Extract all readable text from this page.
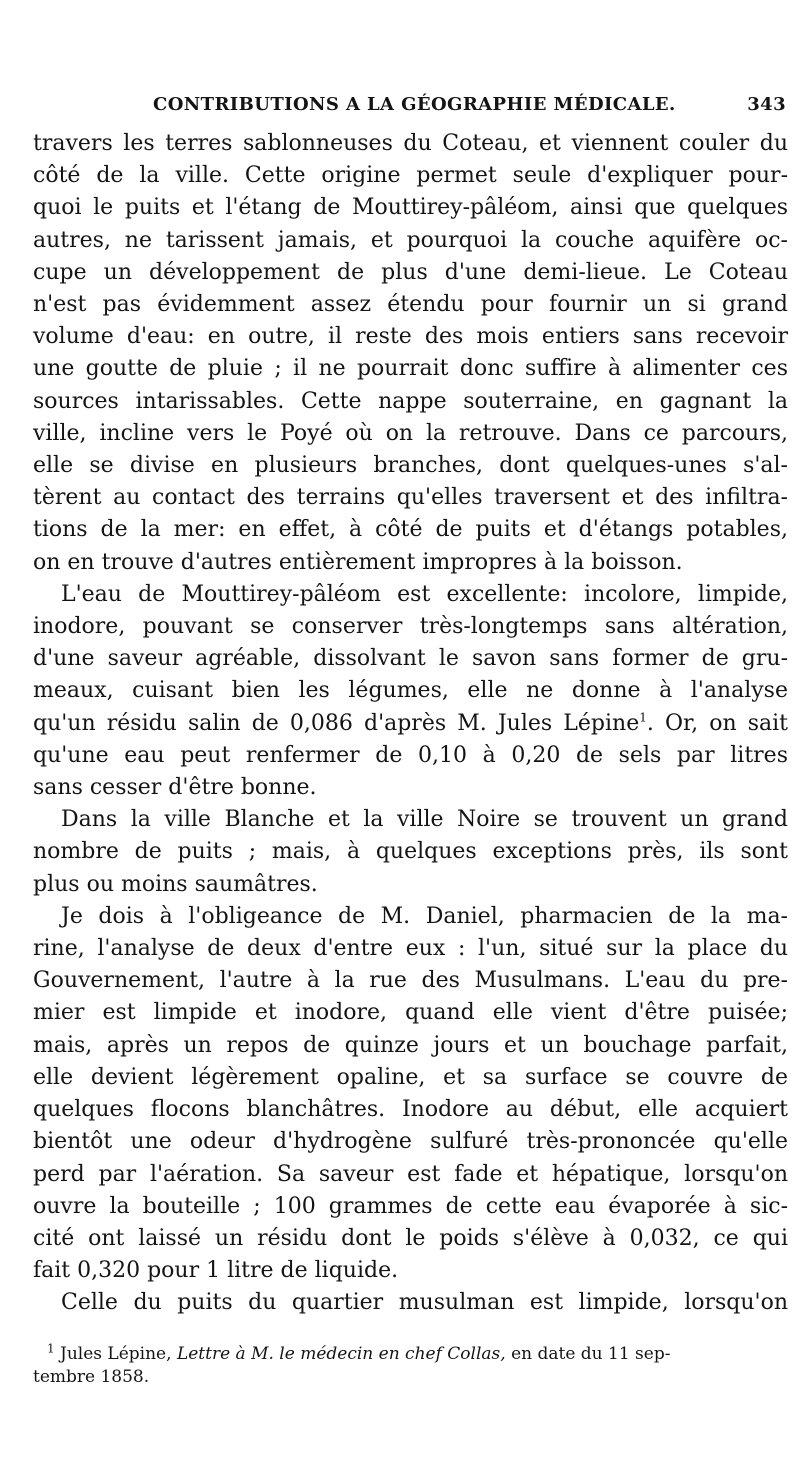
CONTRIBUTIONS A LA GÉOGRAPHIE MÉDICALE.	343
travers les terres sablonneuses du Coteau, et viennent couler du
côté de la ville. Cette origine permet seule d'expliquer pour-
quoi le puits et l'étang de Mouttirey-pâléom, ainsi que quelques
autres, ne tarissent jamais, et pourquoi la couche aquifère oc-
cupe un développement de plus d'une demi-lieue. Le Coteau
n'est pas évidemment assez étendu pour fournir un si grand
volume d'eau: en outre, il reste des mois entiers sans recevoir
une goutte de pluie ; il ne pourrait donc suffire à alimenter ces
sources intarissables. Cette nappe souterraine, en gagnant la
ville, incline vers le Poyé où on la retrouve. Dans ce parcours,
elle se divise en plusieurs branches, dont quelques-unes s'al-
tèrent au contact des terrains qu'elles traversent et des infiltra-
tions de la mer: en effet, à côté de puits et d'étangs potables,
on en trouve d'autres entièrement impropres à la boisson.
L'eau de Mouttirey-pâléom est excellente: incolore, limpide,
inodore, pouvant se conserver très-longtemps sans altération,
d'une saveur agréable, dissolvant le savon sans former de gru-
meaux, cuisant bien les légumes, elle ne donne à l'analyse
qu'un résidu salin de 0,086 d'après M. Jules Lépine$^1$. Or, on sait
qu'une eau peut renfermer de 0,10 à 0,20 de sels par litres
sans cesser d'être bonne.
Dans la ville Blanche et la ville Noire se trouvent un grand
nombre de puits ; mais, à quelques exceptions près, ils sont
plus ou moins saumâtres.
Je dois à l'obligeance de M. Daniel, pharmacien de la ma-
rine, l'analyse de deux d'entre eux : l'un, situé sur la place du
Gouvernement, l'autre à la rue des Musulmans. L'eau du pre-
mier est limpide et inodore, quand elle vient d'être puisée;
mais, après un repos de quinze jours et un bouchage parfait,
elle devient légèrement opaline, et sa surface se couvre de
quelques flocons blanchâtres. Inodore au début, elle acquiert
bientôt une odeur d'hydrogène sulfuré très-prononcée qu'elle
perd par l'aération. Sa saveur est fade et hépatique, lorsqu'on
ouvre la bouteille ; 100 grammes de cette eau évaporée à sic-
cité ont laissé un résidu dont le poids s'élève à 0,032, ce qui
fait 0,320 pour 1 litre de liquide.
Celle du puits du quartier musulman est limpide, lorsqu'on
$^1$ Jules Lépine, Lettre à M. le médecin en chef Collas, en date du 11 sep-
tembre 1858.
